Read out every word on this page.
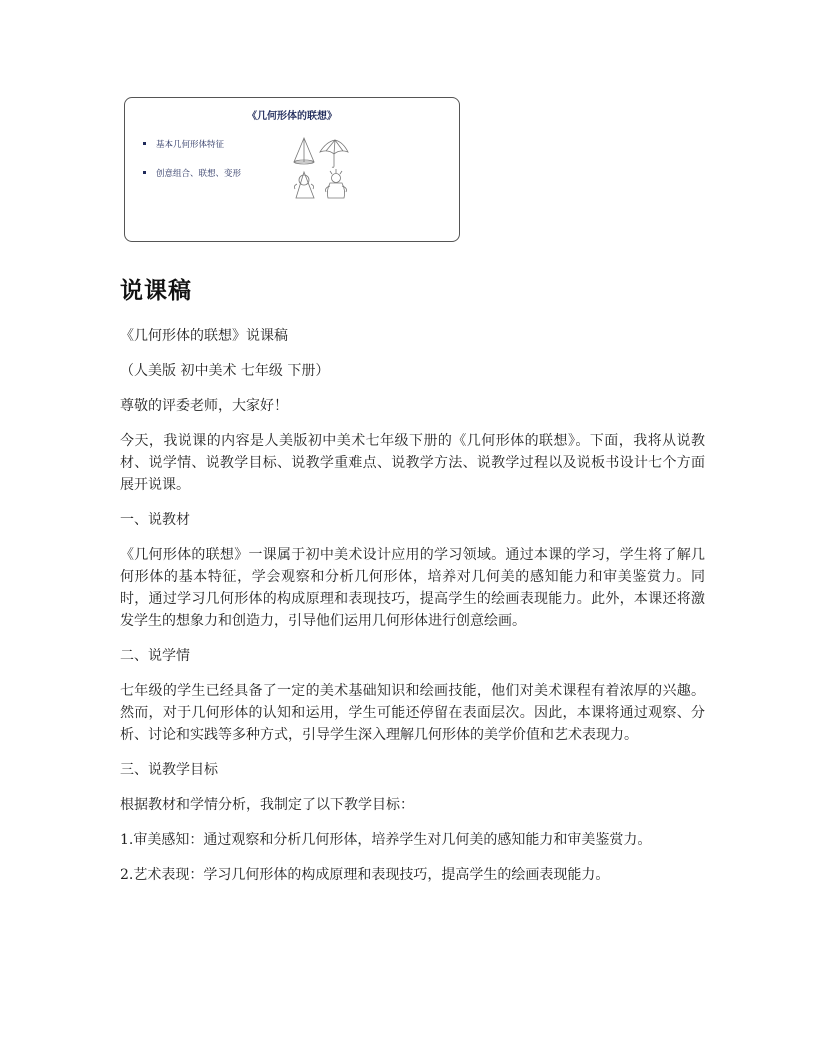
《几何形体的联想》
基本几何形体特征
创意组合、联想、变形
说课稿

《几何形体的联想》说课稿

（人美版 初中美术 七年级 下册）

尊敬的评委老师，大家好！

今天，我说课的内容是人美版初中美术七年级下册的《几何形体的联想》。下面，我将从说教材、说学情、说教学目标、说教学重难点、说教学方法、说教学过程以及说板书设计七个方面展开说课。

一、说教材

《几何形体的联想》一课属于初中美术设计应用的学习领域。通过本课的学习，学生将了解几何形体的基本特征，学会观察和分析几何形体，培养对几何美的感知能力和审美鉴赏力。同时，通过学习几何形体的构成原理和表现技巧，提高学生的绘画表现能力。此外，本课还将激发学生的想象力和创造力，引导他们运用几何形体进行创意绘画。

二、说学情

七年级的学生已经具备了一定的美术基础知识和绘画技能，他们对美术课程有着浓厚的兴趣。然而，对于几何形体的认知和运用，学生可能还停留在表面层次。因此，本课将通过观察、分析、讨论和实践等多种方式，引导学生深入理解几何形体的美学价值和艺术表现力。

三、说教学目标

根据教材和学情分析，我制定了以下教学目标：

1.审美感知：通过观察和分析几何形体，培养学生对几何美的感知能力和审美鉴赏力。

2.艺术表现：学习几何形体的构成原理和表现技巧，提高学生的绘画表现能力。
